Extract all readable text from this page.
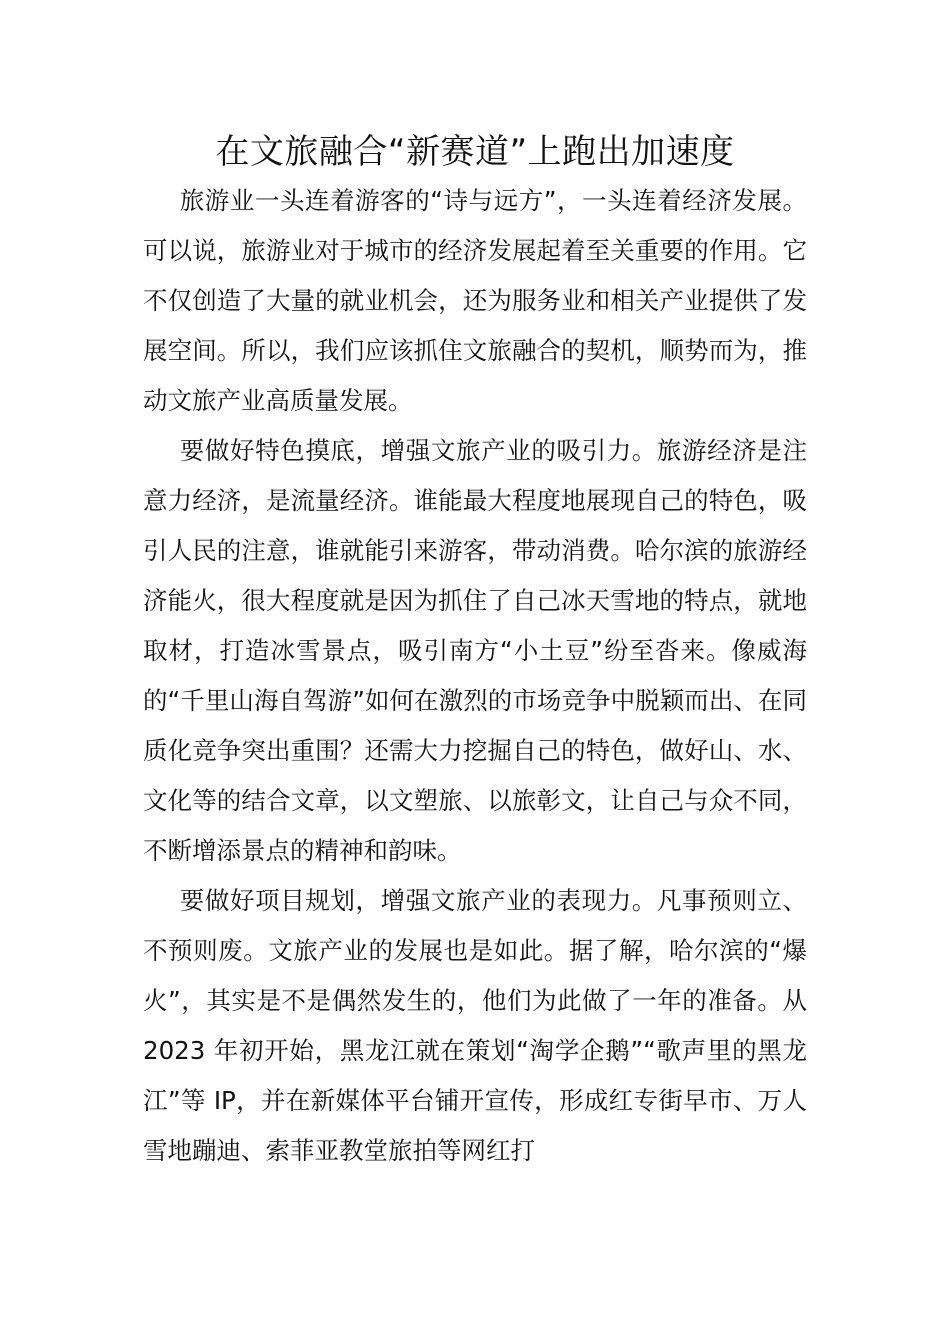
在文旅融合“新赛道”上跑出加速度

旅游业一头连着游客的“诗与远方”，一头连着经济发展。可以说，旅游业对于城市的经济发展起着至关重要的作用。它不仅创造了大量的就业机会，还为服务业和相关产业提供了发展空间。所以，我们应该抓住文旅融合的契机，顺势而为，推动文旅产业高质量发展。

要做好特色摸底，增强文旅产业的吸引力。旅游经济是注意力经济，是流量经济。谁能最大程度地展现自己的特色，吸引人民的注意，谁就能引来游客，带动消费。哈尔滨的旅游经济能火，很大程度就是因为抓住了自己冰天雪地的特点，就地取材，打造冰雪景点，吸引南方“小土豆”纷至沓来。像威海的“千里山海自驾游”如何在激烈的市场竞争中脱颖而出、在同质化竞争突出重围？还需大力挖掘自己的特色，做好山、水、文化等的结合文章，以文塑旅、以旅彰文，让自己与众不同，不断增添景点的精神和韵味。

要做好项目规划，增强文旅产业的表现力。凡事预则立、不预则废。文旅产业的发展也是如此。据了解，哈尔滨的“爆火”，其实是不是偶然发生的，他们为此做了一年的准备。从 2023 年初开始，黑龙江就在策划“淘学企鹅”“歌声里的黑龙江”等 IP，并在新媒体平台铺开宣传，形成红专街早市、万人雪地蹦迪、索菲亚教堂旅拍等网红打
